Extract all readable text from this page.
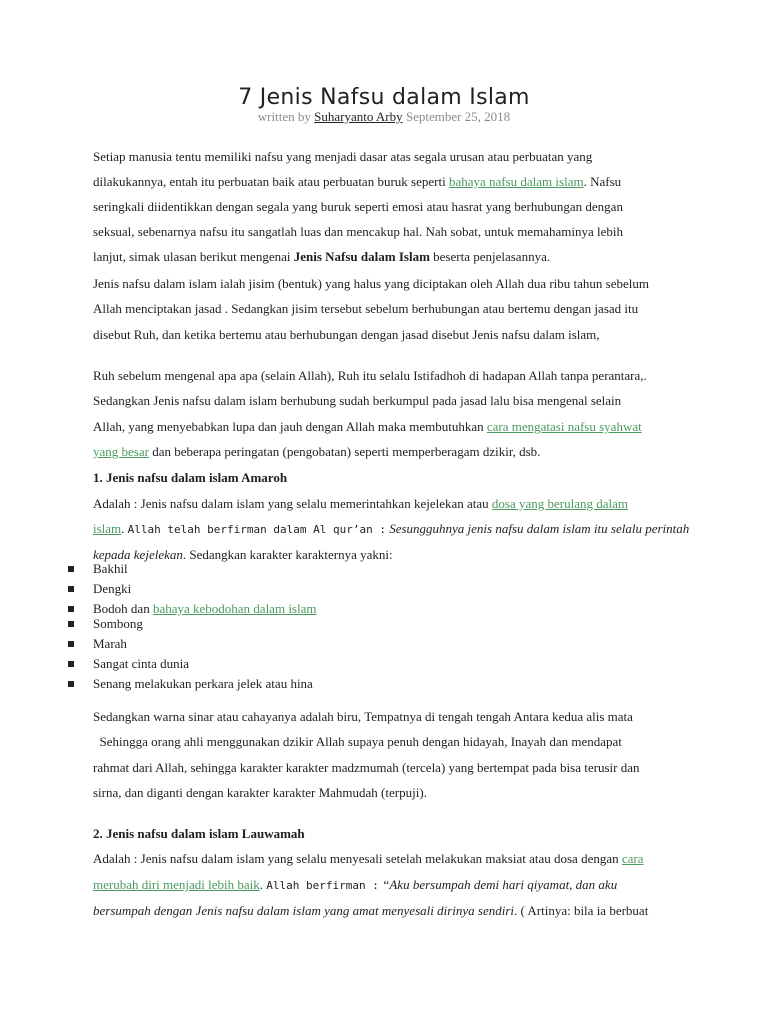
7 Jenis Nafsu dalam Islam
written by Suharyanto Arby September 25, 2018
Setiap manusia tentu memiliki nafsu yang menjadi dasar atas segala urusan atau perbuatan yang
dilakukannya, entah itu perbuatan baik atau perbuatan buruk seperti bahaya nafsu dalam islam. Nafsu
seringkali diidentikkan dengan segala yang buruk seperti emosi atau hasrat yang berhubungan dengan
seksual, sebenarnya nafsu itu sangatlah luas dan mencakup hal. Nah sobat, untuk memahaminya lebih
lanjut, simak ulasan berikut mengenai Jenis Nafsu dalam Islam beserta penjelasannya.
Jenis nafsu dalam islam ialah jisim (bentuk) yang halus yang diciptakan oleh Allah dua ribu tahun sebelum
Allah menciptakan jasad . Sedangkan jisim tersebut sebelum berhubungan atau bertemu dengan jasad itu
disebut Ruh, dan ketika bertemu atau berhubungan dengan jasad disebut Jenis nafsu dalam islam,
Ruh sebelum mengenal apa apa (selain Allah), Ruh itu selalu Istifadhoh di hadapan Allah tanpa perantara,.
Sedangkan Jenis nafsu dalam islam berhubung sudah berkumpul pada jasad lalu bisa mengenal selain
Allah, yang menyebabkan lupa dan jauh dengan Allah maka membutuhkan cara mengatasi nafsu syahwat
yang besar dan beberapa peringatan (pengobatan) seperti memperberagam dzikir, dsb.
1. Jenis nafsu dalam islam Amaroh
Adalah : Jenis nafsu dalam islam yang selalu memerintahkan kejelekan atau dosa yang berulang dalam
islam. Allah telah berfirman dalam Al qur’an : Sesungguhnya jenis nafsu dalam islam itu selalu perintah
kepada kejelekan. Sedangkan karakter karakternya yakni:
Sedangkan warna sinar atau cahayanya adalah biru, Tempatnya di tengah tengah Antara kedua alis mata
Sehingga orang ahli menggunakan dzikir Allah supaya penuh dengan hidayah, Inayah dan mendapat
rahmat dari Allah, sehingga karakter karakter madzmumah (tercela) yang bertempat pada bisa terusir dan
sirna, dan diganti dengan karakter karakter Mahmudah (terpuji).
2. Jenis nafsu dalam islam Lauwamah
Adalah : Jenis nafsu dalam islam yang selalu menyesali setelah melakukan maksiat atau dosa dengan cara
merubah diri menjadi lebih baik. Allah berfirman : “Aku bersumpah demi hari qiyamat, dan aku
bersumpah dengan Jenis nafsu dalam islam yang amat menyesali dirinya sendiri. ( Artinya: bila ia berbuat
Bakhil
Dengki
Bodoh dan bahaya kebodohan dalam islam
Sombong
Marah
Sangat cinta dunia
Senang melakukan perkara jelek atau hina
